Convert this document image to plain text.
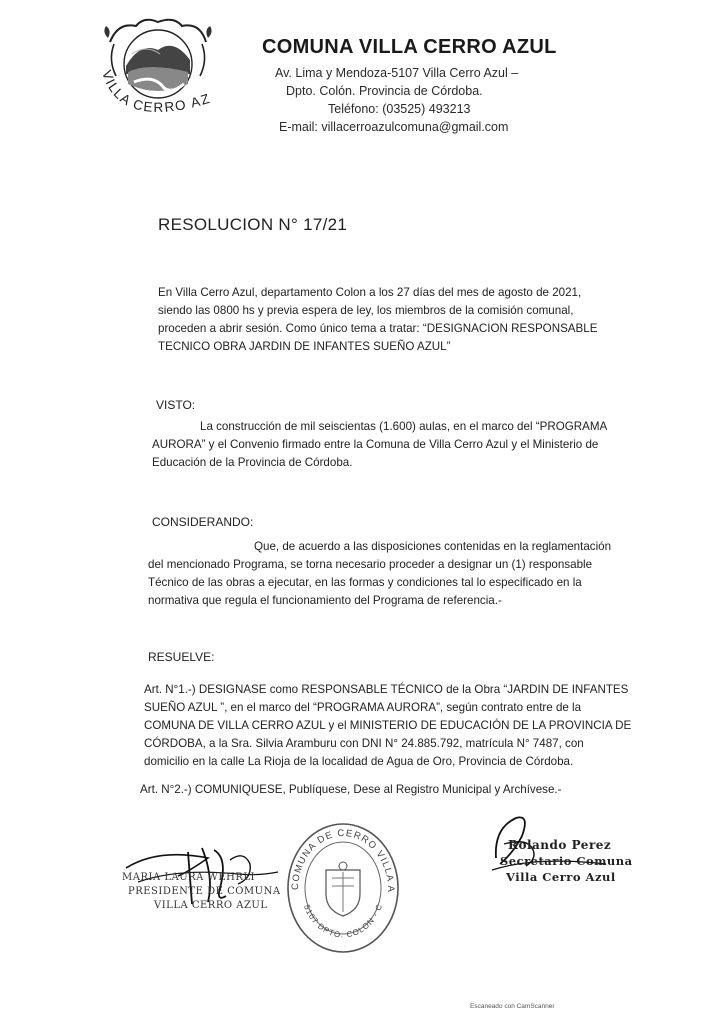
VILLA CERRO AZ
COMUNA VILLA CERRO AZUL
Av. Lima y Mendoza-5107 Villa Cerro Azul –
Dpto. Colón. Provincia de Córdoba.
Teléfono: (03525) 493213
E-mail: villacerroazulcomuna@gmail.com
RESOLUCION N° 17/21
En Villa Cerro Azul, departamento Colon a los 27 días del mes de agosto de 2021,
siendo las 0800 hs y previa espera de ley, los miembros de la comisión comunal,
proceden a abrir sesión. Como único tema a tratar: “DESIGNACION RESPONSABLE
TECNICO OBRA JARDIN DE INFANTES SUEÑO AZUL”
VISTO:
La construcción de mil seiscientas (1.600) aulas, en el marco del “PROGRAMA
AURORA” y el Convenio firmado entre la Comuna de Villa Cerro Azul y el Ministerio de
Educación de la Provincia de Córdoba.
CONSIDERANDO:
Que, de acuerdo a las disposiciones contenidas en la reglamentación
del mencionado Programa, se torna necesario proceder a designar un (1) responsable
Técnico de las obras a ejecutar, en las formas y condiciones tal lo especificado en la
normativa que regula el funcionamiento del Programa de referencia.-
RESUELVE:
Art. N°1.-) DESIGNASE como RESPONSABLE TÉCNICO de la Obra “JARDIN DE INFANTES
SUEÑO AZUL ”, en el marco del “PROGRAMA AURORA”, según contrato entre de la
COMUNA DE VILLA CERRO AZUL y el MINISTERIO DE EDUCACIÓN DE LA PROVINCIA DE
CÓRDOBA, a la Sra. Silvia Aramburu con DNI N° 24.885.792, matrícula N° 7487, con
domicilio en la calle La Rioja de la localidad de Agua de Oro, Provincia de Córdoba.
Art. N°2.-) COMUNIQUESE, Publíquese, Dese al Registro Municipal y Archívese.-
MARIA LAURA WEHRLI
PRESIDENTE DE COMUNA
VILLA CERRO AZUL
COMUNA DE CERRO VILLA A
5107 DPTO. COLON - C
Rolando Perez
Secretario Comuna
Villa Cerro Azul
Escaneado con CamScanner
